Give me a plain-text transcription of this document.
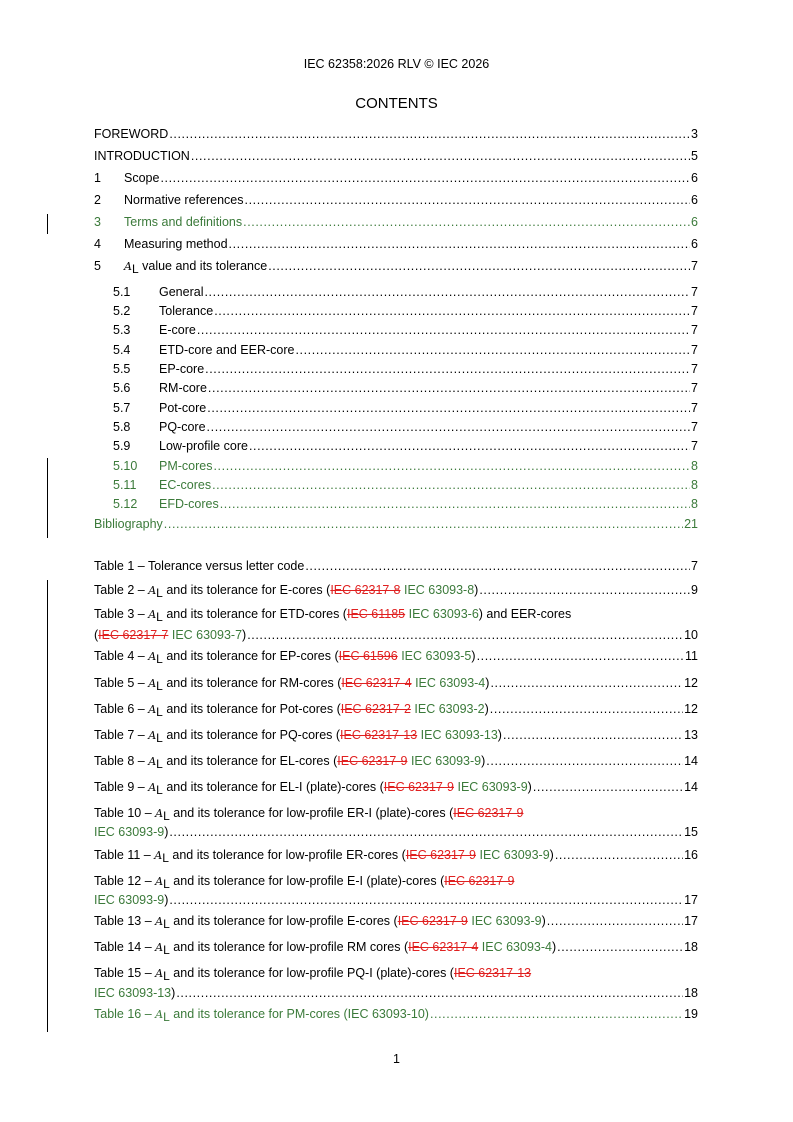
IEC 62358:2026 RLV © IEC 2026
CONTENTS
FOREWORD .....	3
INTRODUCTION .....	5
1	Scope .....	6
2	Normative references .....	6
3	Terms and definitions .....	6
4	Measuring method .....	6
5	$A_L$ value and its tolerance .....	7
5.1	General .....	7
5.2	Tolerance .....	7
5.3	E-core .....	7
5.4	ETD-core and EER-core .....	7
5.5	EP-core .....	7
5.6	RM-core .....	7
5.7	Pot-core .....	7
5.8	PQ-core .....	7
5.9	Low-profile core .....	7
5.10	PM-cores .....	8
5.11	EC-cores .....	8
5.12	EFD-cores .....	8
Bibliography .....	21
Table 1 – Tolerance versus letter code .....	7
Table $2 - A_L$ and its tolerance for E-cores (IEC 62317-8 IEC 63093-8) .....	9
Table $3 - A_L$ and its tolerance for ETD-cores (IEC 61185 IEC 63093-6) and EER-cores
(IEC 62317-7 IEC 63093-7) .....	10
Table $4 - A_L$ and its tolerance for EP-cores (IEC 61596 IEC 63093-5) .....	11
Table $5 - A_L$ and its tolerance for RM-cores (IEC 62317-4 IEC 63093-4) .....	12
Table $6 - A_L$ and its tolerance for Pot-cores (IEC 62317-2 IEC 63093-2) .....	12
Table $7 - A_L$ and its tolerance for PQ-cores (IEC 62317-13 IEC 63093-13) .....	13
Table $8 - A_L$ and its tolerance for EL-cores (IEC 62317-9 IEC 63093-9) .....	14
Table $9 - A_L$ and its tolerance for EL-I (plate)-cores (IEC 62317-9 IEC 63093-9) .....	14
Table $10 - A_L$ and its tolerance for low-profile ER-I (plate)-cores (IEC 62317-9
IEC 63093-9) .....	15
Table $11 - A_L$ and its tolerance for low-profile ER-cores (IEC 62317-9 IEC 63093-9) .....	16
Table $12 - A_L$ and its tolerance for low-profile E-I (plate)-cores (IEC 62317-9
IEC 63093-9) .....	17
Table $13 - A_L$ and its tolerance for low-profile E-cores (IEC 62317-9 IEC 63093-9) .....	17
Table $14 - A_L$ and its tolerance for low-profile RM cores (IEC 62317-4 IEC 63093-4) .....	18
Table $15 - A_L$ and its tolerance for low-profile PQ-I (plate)-cores (IEC 62317-13
IEC 63093-13) .....	18
Table $16 - A_L$ and its tolerance for PM-cores (IEC 63093-10) .....	19
1
